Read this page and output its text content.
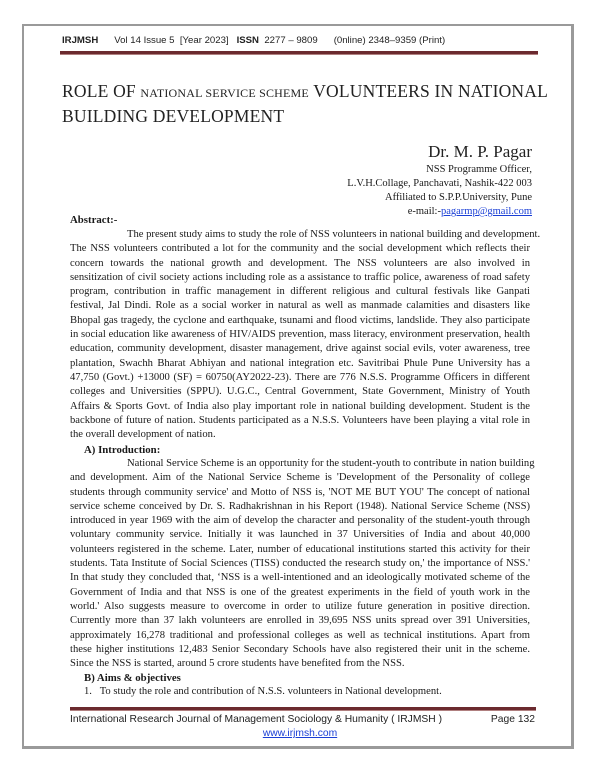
IRJMSH Vol 14 Issue 5  [Year 2023] ISSN 2277 – 9809 (0nline) 2348–9359 (Print)
ROLE OF NATIONAL SERVICE SCHEME VOLUNTEERS IN NATIONAL
BUILDING DEVELOPMENT
Dr. M. P. Pagar
NSS Programme Officer,
L.V.H.Collage, Panchavati, Nashik-422 003
Affiliated to S.P.P.University, Pune
e-mail:-pagarmp@gmail.com
Abstract:-
The present study aims to study the role of NSS volunteers in national building and development.
The NSS volunteers contributed a lot for the community and the social development which reflects their
concern towards the national growth and development. The NSS volunteers are also involved in
sensitization of civil society actions including role as a assistance to traffic police, awareness of road safety
program, contribution in traffic management in different religious and cultural festivals like Ganpati
festival, Jal Dindi. Role as a social worker in natural as well as manmade calamities and disasters like
Bhopal gas tragedy, the cyclone and earthquake, tsunami and flood victims, landslide. They also participate
in social education like awareness of HIV/AIDS prevention, mass literacy, environment preservation, health
education, community development, disaster management, drive against social evils, voter awareness, tree
plantation, Swachh Bharat Abhiyan and national integration etc. Savitribai Phule Pune University has a
47,750 (Govt.) +13000 (SF) = 60750(AY2022-23). There are 776 N.S.S. Programme Officers in different
colleges and Universities (SPPU). U.G.C., Central Government, State Government, Ministry of Youth
Affairs & Sports Govt. of India also play important role in national building development. Student is the
backbone of future of nation. Students participated as a N.S.S. Volunteers have been playing a vital role in
the overall development of nation.
A) Introduction:
National Service Scheme is an opportunity for the student-youth to contribute in nation building
and development. Aim of the National Service Scheme is 'Development of the Personality of college
students through community service' and Motto of NSS is, 'NOT ME BUT YOU' The concept of national
service scheme conceived by Dr. S. Radhakrishnan in his Report (1948). National Service Scheme (NSS)
introduced in year 1969 with the aim of develop the character and personality of the student-youth through
voluntary community service. Initially it was launched in 37 Universities of India and about 40,000
volunteers registered in the scheme. Later, number of educational institutions started this activity for their
students. Tata Institute of Social Sciences (TISS) conducted the research study on,' the importance of NSS.'
In that study they concluded that, ‘NSS is a well-intentioned and an ideologically motivated scheme of the
Government of India and that NSS is one of the greatest experiments in the field of youth work in the
world.' Also suggests measure to overcome in order to utilize future generation in positive direction.
Currently more than 37 lakh volunteers are enrolled in 39,695 NSS units spread over 391 Universities,
approximately 16,278 traditional and professional colleges as well as technical institutions. Apart from
these higher institutions 12,483 Senior Secondary Schools have also registered their unit in the scheme.
Since the NSS is started, around 5 crore students have benefited from the NSS.
B) Aims & objectives
1.   To study the role and contribution of N.S.S. volunteers in National development.
International Research Journal of Management Sociology & Humanity ( IRJMSH )	Page 132
www.irjmsh.com
